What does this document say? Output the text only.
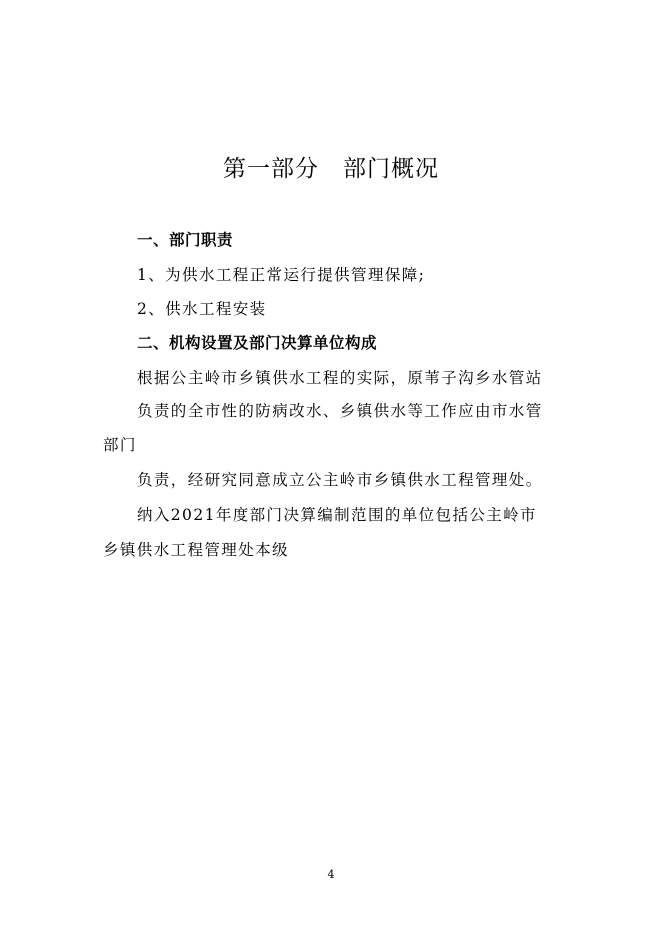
第一部分　部门概况

一、部门职责

1、为供水工程正常运行提供管理保障;

2、供水工程安装

二、机构设置及部门决算单位构成

根据公主岭市乡镇供水工程的实际，原苇子沟乡水管站

负责的全市性的防病改水、乡镇供水等工作应由市水管

部门

负责，经研究同意成立公主岭市乡镇供水工程管理处。

纳入2021年度部门决算编制范围的单位包括公主岭市

乡镇供水工程管理处本级

4
